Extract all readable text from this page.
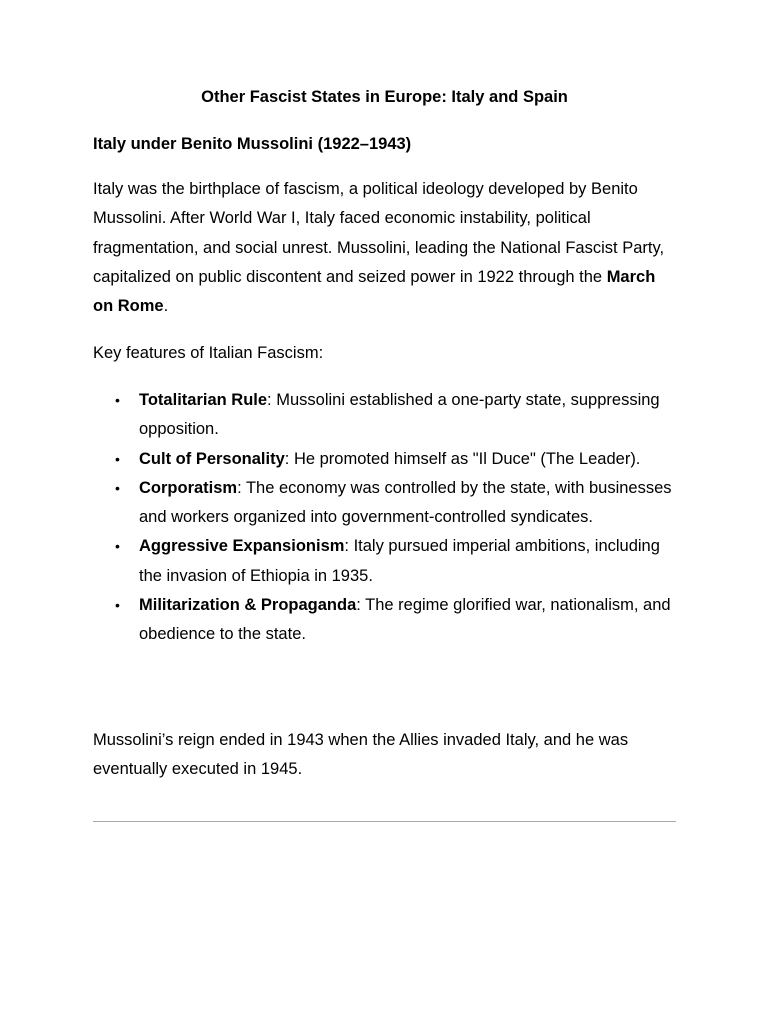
Other Fascist States in Europe: Italy and Spain
Italy under Benito Mussolini (1922–1943)

Italy was the birthplace of fascism, a political ideology developed by Benito Mussolini. After World War I, Italy faced economic instability, political fragmentation, and social unrest. Mussolini, leading the National Fascist Party, capitalized on public discontent and seized power in 1922 through the March on Rome.

Key features of Italian Fascism:

• Totalitarian Rule: Mussolini established a one-party state, suppressing opposition.
• Cult of Personality: He promoted himself as "Il Duce" (The Leader).
• Corporatism: The economy was controlled by the state, with businesses and workers organized into government-controlled syndicates.
• Aggressive Expansionism: Italy pursued imperial ambitions, including the invasion of Ethiopia in 1935.
• Militarization & Propaganda: The regime glorified war, nationalism, and obedience to the state.

Mussolini’s reign ended in 1943 when the Allies invaded Italy, and he was eventually executed in 1945.
